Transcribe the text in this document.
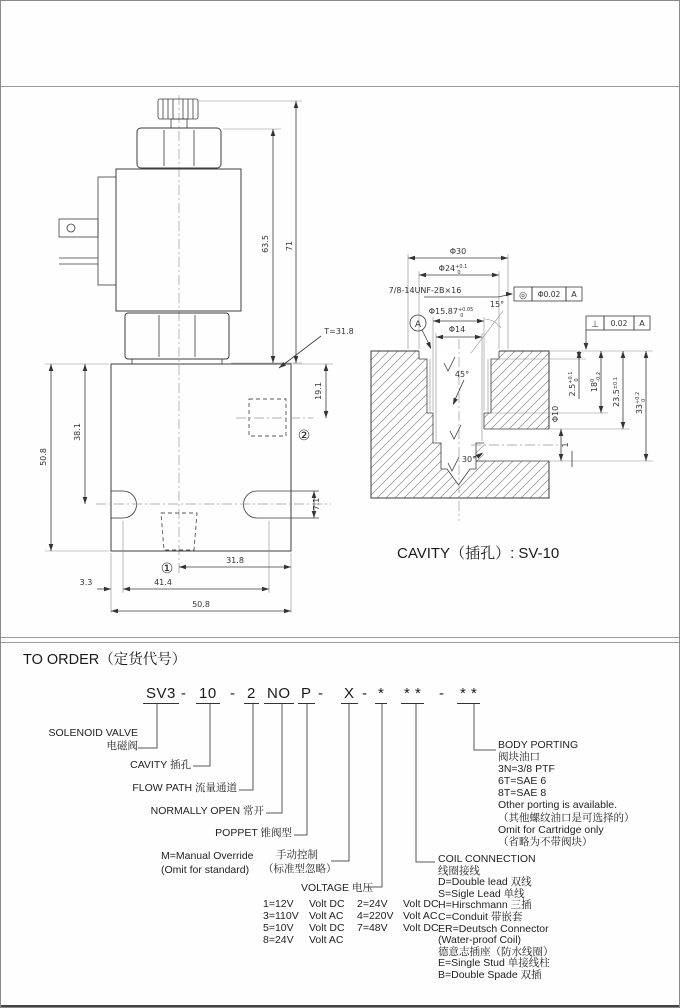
63.5 71
T=31.8
②
①
50.8
38.1
19.1
7.1
31.8
41.4
3.3
50.8
Φ30
$\Phi 24^{+0.1}$ 0
7/8-14UNF-2B×16
◎ Φ0.02 A
$\Phi 15.87^{+0.05}$ 0
Φ14
15°
A	⊥ 0.02 A
$2.5^{+0.1}0$
$18^0-0.2$
$23.5^{\pm 0.1}$
$33^{+0.2}0$
Φ10
1
45°
30°
CAVITY（插孔）: SV-10
TO ORDER（定货代号）
SV3 - 10 - 2 NO P - X - * * * - * *
SOLENOID VALVE
电磁阀
CAVITY 插孔
FLOW PATH 流量通道
NORMALLY OPEN 常开
POPPET 锥阀型
M=Manual Override
(Omit for standard)
手动控制
（标准型忽略）
VOLTAGE 电压
1=12V Volt DC 2=24V Volt DC
3=110V Volt AC 4=220V Volt AC
5=10V Volt DC 7=48V Volt DC
8=24V Volt AC
COIL CONNECTION
线圈接线
D=Double lead 双线
S=Sigle Lead 单线
H=Hirschmann 三插
C=Conduit 带嵌套
ER=Deutsch Connector
(Water-proof Coil)
德意志插座（防水线圈）
E=Single Stud 单接线柱
B=Double Spade 双插
BODY PORTING
阀块油口
3N=3/8 PTF
6T=SAE 6
8T=SAE 8
Other porting is available.
（其他螺纹油口是可选择的）
Omit for Cartridge only
（省略为不带阀块）
